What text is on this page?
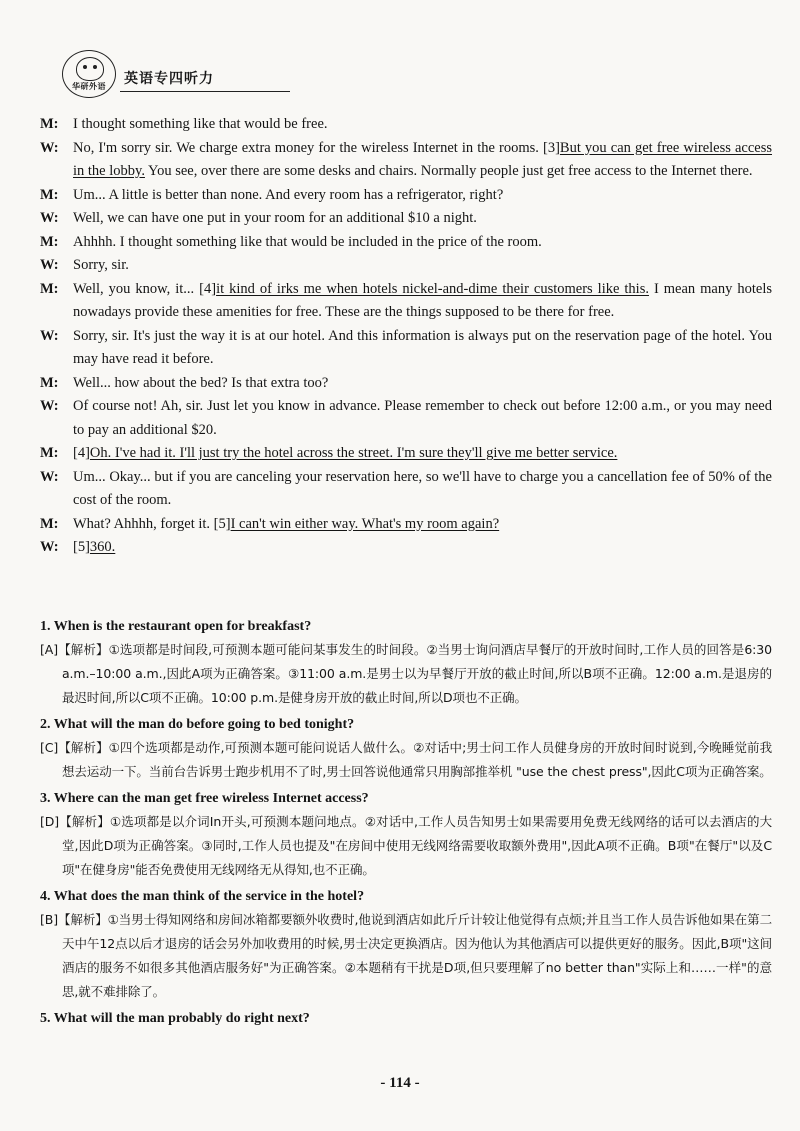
华研外语	英语专四听力
M: I thought something like that would be free.
W: No, I'm sorry sir. We charge extra money for the wireless Internet in the rooms. [3]But you can get free wireless access in the lobby. You see, over there are some desks and chairs. Normally people just get free access to the Internet there.
M: Um... A little is better than none. And every room has a refrigerator, right?
W: Well, we can have one put in your room for an additional $10 a night.
M: Ahhhh. I thought something like that would be included in the price of the room.
W: Sorry, sir.
M: Well, you know, it... [4]it kind of irks me when hotels nickel-and-dime their customers like this. I mean many hotels nowadays provide these amenities for free. These are the things supposed to be there for free.
W: Sorry, sir. It's just the way it is at our hotel. And this information is always put on the reservation page of the hotel. You may have read it before.
M: Well... how about the bed? Is that extra too?
W: Of course not! Ah, sir. Just let you know in advance. Please remember to check out before 12:00 a.m., or you may need to pay an additional $20.
M: [4]Oh. I've had it. I'll just try the hotel across the street. I'm sure they'll give me better service.
W: Um... Okay... but if you are canceling your reservation here, so we'll have to charge you a cancellation fee of 50% of the cost of the room.
M: What? Ahhhh, forget it. [5]I can't win either way. What's my room again?
W: [5]360.
1. When is the restaurant open for breakfast?
[A]【解析】①选项都是时间段,可预测本题可能问某事发生的时间段。②当男士询问酒店早餐厅的开放时间时,工作人员的回答是6:30 a.m.–10:00 a.m.,因此A项为正确答案。③11:00 a.m.是男士以为早餐厅开放的截止时间,所以B项不正确。12:00 a.m.是退房的最迟时间,所以C项不正确。10:00 p.m.是健身房开放的截止时间,所以D项也不正确。
2. What will the man do before going to bed tonight?
[C]【解析】①四个选项都是动作,可预测本题可能问说话人做什么。②对话中;男士问工作人员健身房的开放时间时说到,今晚睡觉前我想去运动一下。当前台告诉男士跑步机用不了时,男士回答说他通常只用胸部推举机 "use the chest press",因此C项为正确答案。
3. Where can the man get free wireless Internet access?
[D]【解析】①选项都是以介词In开头,可预测本题问地点。②对话中,工作人员告知男士如果需要用免费无线网络的话可以去酒店的大堂,因此D项为正确答案。③同时,工作人员也提及"在房间中使用无线网络需要收取额外费用",因此A项不正确。B项"在餐厅"以及C项"在健身房"能否免费使用无线网络无从得知,也不正确。
4. What does the man think of the service in the hotel?
[B]【解析】①当男士得知网络和房间冰箱都要额外收费时,他说到酒店如此斤斤计较让他觉得有点烦;并且当工作人员告诉他如果在第二天中午12点以后才退房的话会另外加收费用的时候,男士决定更换酒店。因为他认为其他酒店可以提供更好的服务。因此,B项"这间酒店的服务不如很多其他酒店服务好"为正确答案。②本题稍有干扰是D项,但只要理解了no better than"实际上和……一样"的意思,就不难排除了。
5. What will the man probably do right next?
- 114 -
